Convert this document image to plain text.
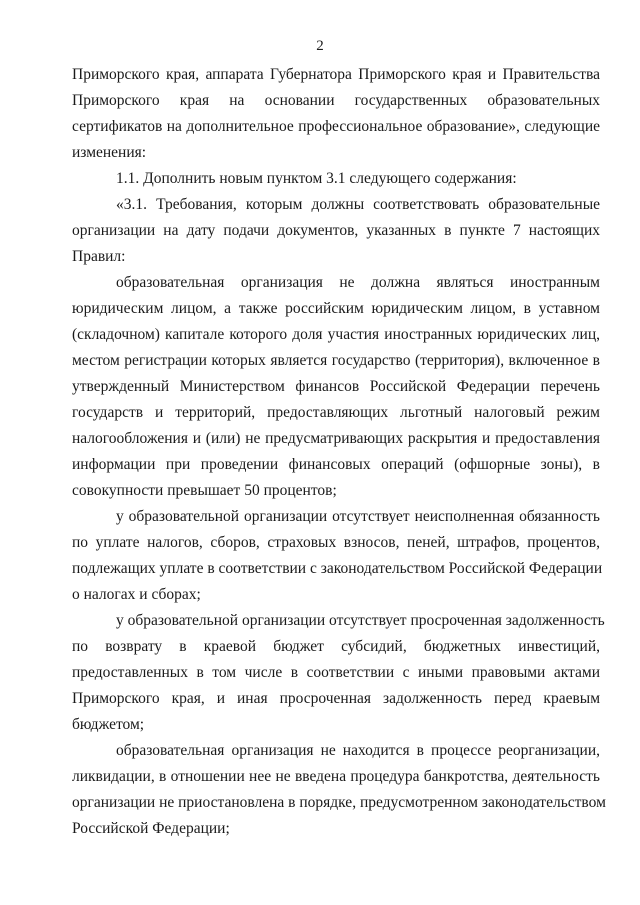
2
Приморского края, аппарата Губернатора Приморского края и Правительства
Приморского края на основании государственных образовательных
сертификатов на дополнительное профессиональное образование», следующие
изменения:
1.1. Дополнить новым пунктом 3.1 следующего содержания:
«3.1. Требования, которым должны соответствовать образовательные
организации на дату подачи документов, указанных в пункте 7 настоящих
Правил:
образовательная организация не должна являться иностранным
юридическим лицом, а также российским юридическим лицом, в уставном
(складочном) капитале которого доля участия иностранных юридических лиц,
местом регистрации которых является государство (территория), включенное в
утвержденный Министерством финансов Российской Федерации перечень
государств и территорий, предоставляющих льготный налоговый режим
налогообложения и (или) не предусматривающих раскрытия и предоставления
информации при проведении финансовых операций (офшорные зоны), в
совокупности превышает 50 процентов;
у образовательной организации отсутствует неисполненная обязанность
по уплате налогов, сборов, страховых взносов, пеней, штрафов, процентов,
подлежащих уплате в соответствии с законодательством Российской Федерации
о налогах и сборах;
у образовательной организации отсутствует просроченная задолженность
по возврату в краевой бюджет субсидий, бюджетных инвестиций,
предоставленных в том числе в соответствии с иными правовыми актами
Приморского края, и иная просроченная задолженность перед краевым
бюджетом;
образовательная организация не находится в процессе реорганизации,
ликвидации, в отношении нее не введена процедура банкротства, деятельность
организации не приостановлена в порядке, предусмотренном законодательством
Российской Федерации;
